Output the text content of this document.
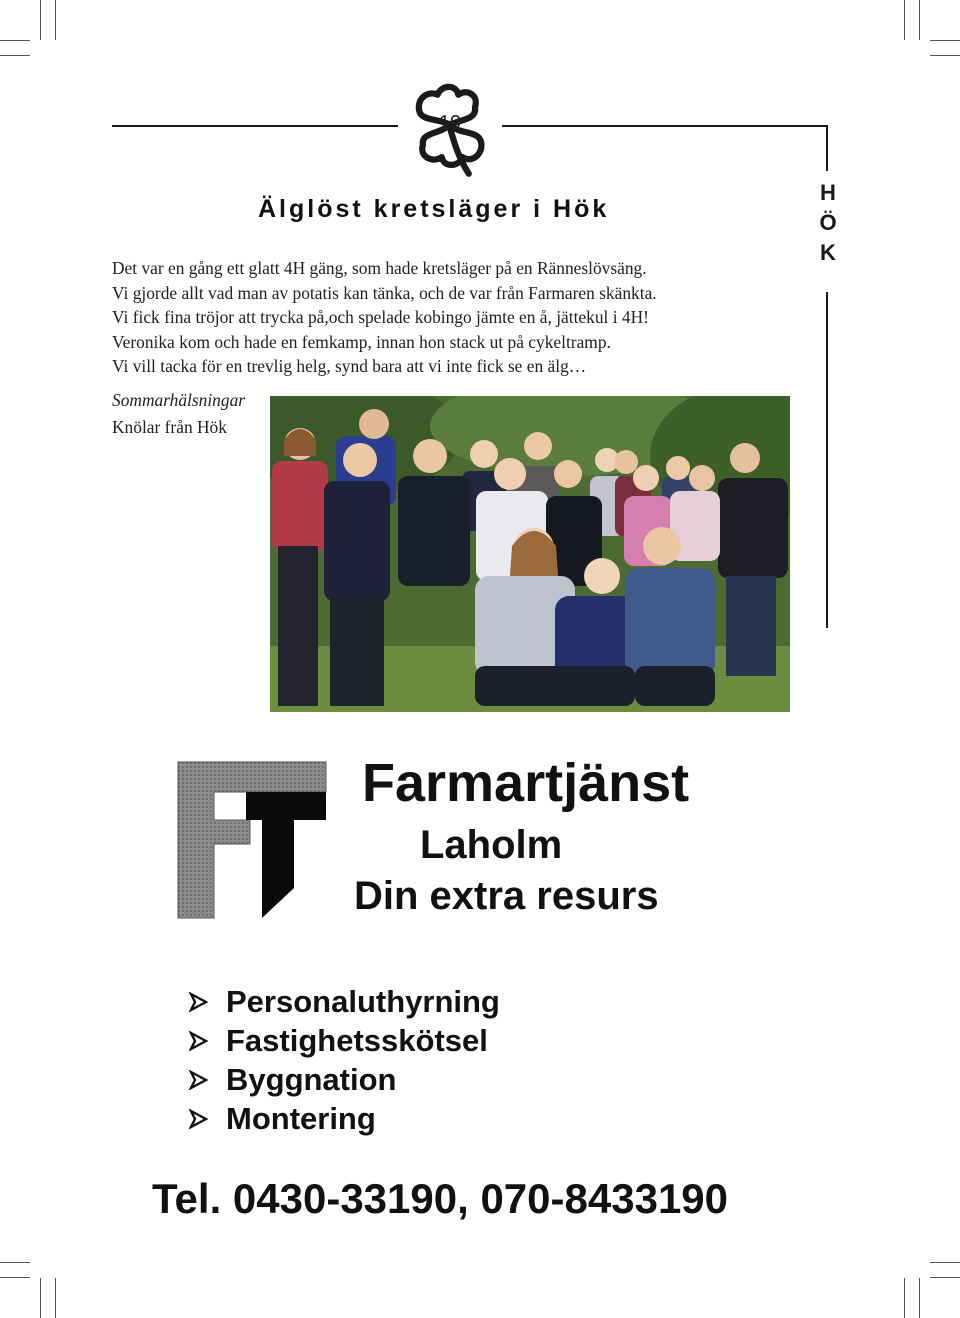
19
H
Ö
K
Älglöst kretsläger i Hök

Det var en gång ett glatt 4H gäng, som hade kretsläger på en Ränneslövsäng.
Vi gjorde allt vad man av potatis kan tänka, och de var från Farmaren skänkta.
Vi fick fina tröjor att trycka på,och spelade kobingo jämte en å, jättekul i 4H!
Veronika kom och hade en femkamp, innan hon stack ut på cykeltramp.
Vi vill tacka för en trevlig helg, synd bara att vi inte fick se en älg…

Sommarhälsningar
Knölar från Hök
Farmartjänst
Laholm
Din extra resurs
Personaluthyrning
Fastighetsskötsel
Byggnation
Montering
Tel. 0430-33190, 070-8433190
